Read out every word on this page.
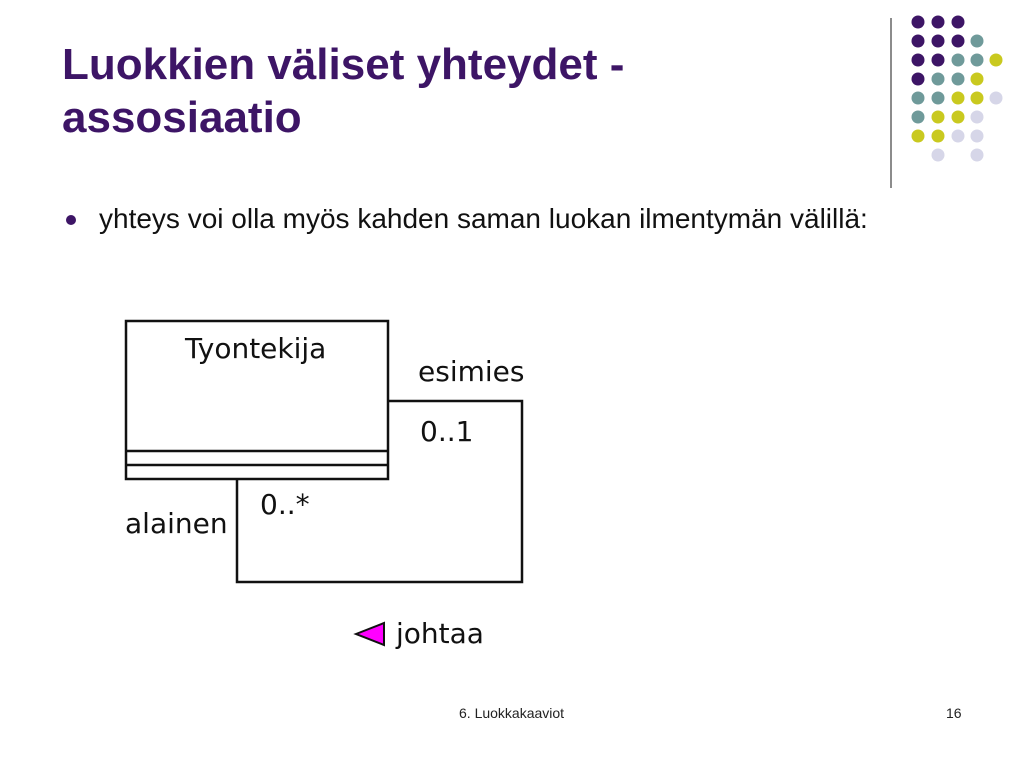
Luokkien väliset yhteydet -
assosiaatio
yhteys voi olla myös kahden saman luokan ilmentymän välillä:
Tyontekija
esimies
0..1
0..*
alainen
johtaa
6. Luokkakaaviot	16
